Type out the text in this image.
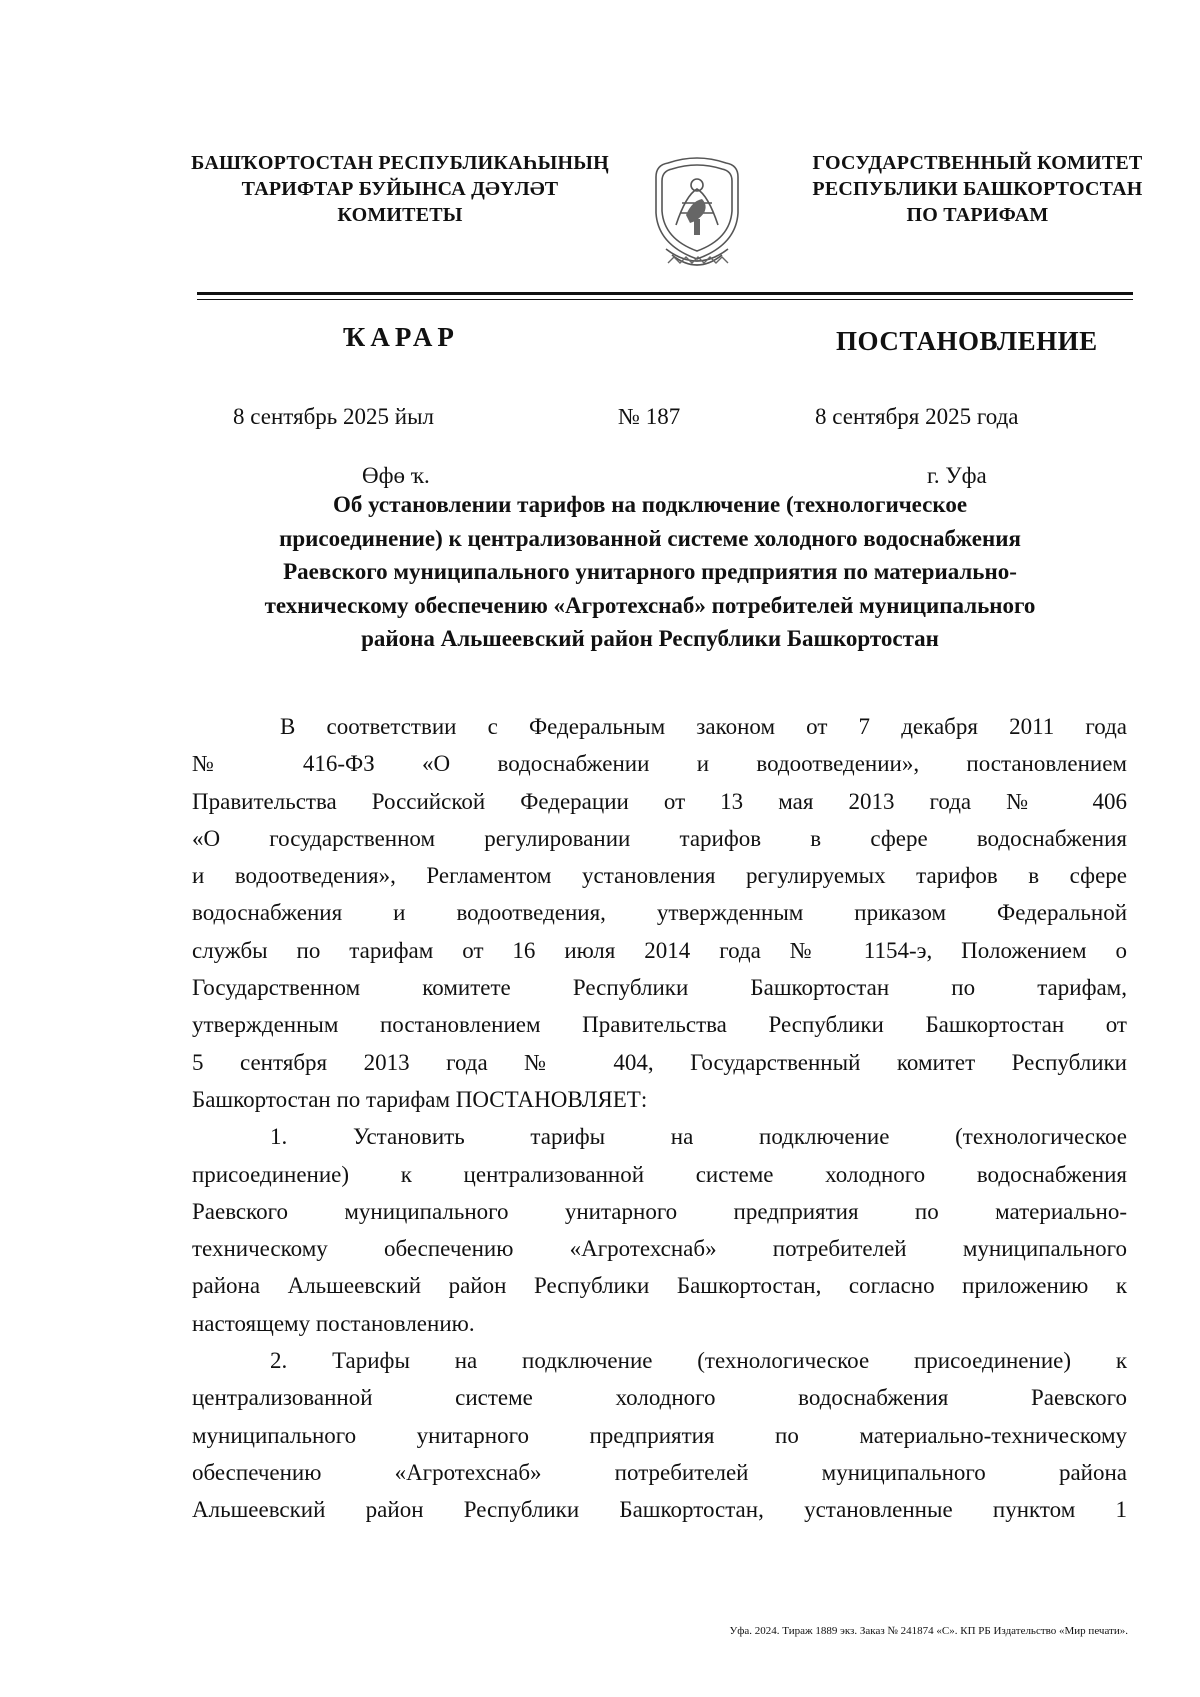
БАШҠОРТОСТАН РЕСПУБЛИКАҺЫНЫҢ
ТАРИФТАР БУЙЫНСА ДӘҮЛӘТ
КОМИТЕТЫ
ГОСУДАРСТВЕННЫЙ КОМИТЕТ
РЕСПУБЛИКИ БАШКОРТОСТАН
ПО ТАРИФАМ
ҠАРАР	ПОСТАНОВЛЕНИЕ
8 сентябрь 2025 йыл	№ 187	8 сентября 2025 года
Өфө ҡ.	г. Уфа
Об установлении тарифов на подключение (технологическое
присоединение) к централизованной системе холодного водоснабжения
Раевского муниципального унитарного предприятия по материально-
техническому обеспечению «Агротехснаб» потребителей муниципального
района Альшеевский район Республики Башкортостан
В соответствии с Федеральным законом от 7 декабря 2011 года
№ 416-ФЗ «О водоснабжении и водоотведении», постановлением
Правительства Российской Федерации от 13 мая 2013 года № 406
«О государственном регулировании тарифов в сфере водоснабжения
и водоотведения», Регламентом установления регулируемых тарифов в сфере
водоснабжения и водоотведения, утвержденным приказом Федеральной
службы по тарифам от 16 июля 2014 года № 1154-э, Положением о
Государственном комитете Республики Башкортостан по тарифам,
утвержденным постановлением Правительства Республики Башкортостан от
5 сентября 2013 года № 404, Государственный комитет Республики
Башкортостан по тарифам ПОСТАНОВЛЯЕТ:
1. Установить тарифы на подключение (технологическое
присоединение) к централизованной системе холодного водоснабжения
Раевского муниципального унитарного предприятия по материально-
техническому обеспечению «Агротехснаб» потребителей муниципального
района Альшеевский район Республики Башкортостан, согласно приложению к
настоящему постановлению.
2. Тарифы на подключение (технологическое присоединение) к
централизованной системе холодного водоснабжения Раевского
муниципального унитарного предприятия по материально-техническому
обеспечению «Агротехснаб» потребителей муниципального района
Альшеевский район Республики Башкортостан, установленные пунктом 1
Уфа. 2024. Тираж 1889 экз. Заказ № 241874 «С». КП РБ Издательство «Мир печати».
